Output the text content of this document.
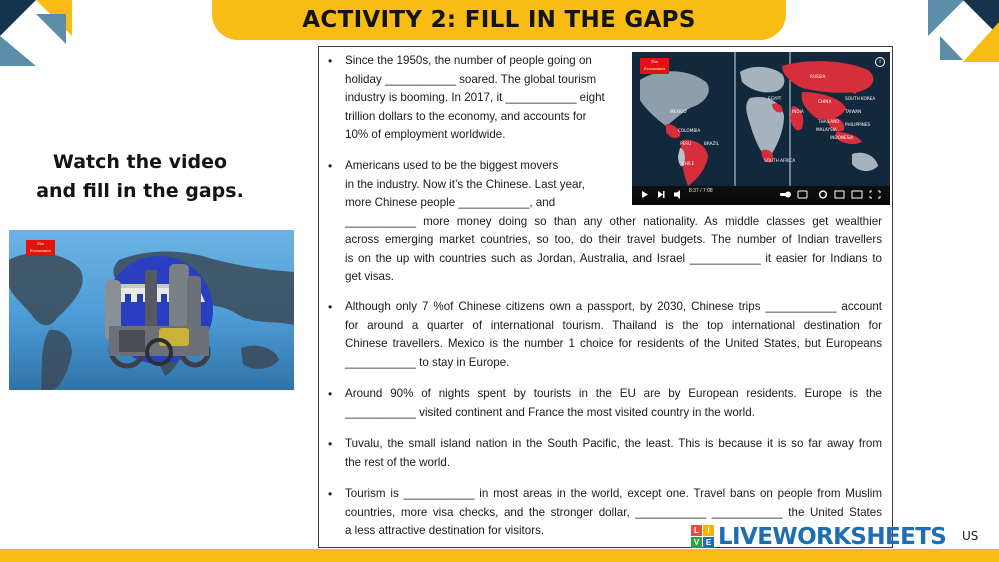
ACTIVITY 2: FILL IN THE GAPS
Watch the video
and fill in the gaps.
The
Economist
• Since the 1950s, the number of people going on
holiday ___________ soared. The global tourism
industry is booming. In 2017, it ___________ eight
trillion dollars to the economy, and accounts for
10% of employment worldwide.
• Americans used to be the biggest movers
in the industry. Now it’s the Chinese. Last year,
more Chinese people ___________, and
___________ more money doing so than any other nationality. As middle classes get wealthier
across emerging market countries, so too, do their travel budgets. The number of Indian travellers
is on the up with countries such as Jordan, Australia, and Israel ___________ it easier for Indians to
get visas.
• Although only 7 %of Chinese citizens own a passport, by 2030, Chinese trips ___________ account
for around a quarter of international tourism. Thailand is the top international destination for
Chinese travellers. Mexico is the number 1 choice for residents of the United States, but Europeans
___________ to stay in Europe.
• Around 90% of nights spent by tourists in the EU are by European residents. Europe is the
___________ visited continent and France the most visited country in the world.
• Tuvalu, the small island nation in the South Pacific, the least. This is because it is so far away from
the rest of the world.
• Tourism is ___________ in most areas in the world, except one. Travel bans on people from Muslim
countries, more visa checks, and the stronger dollar, ___________ ___________ the United States
a less attractive destination for visitors.
The
Economist
i
RUSSIA
CHINA
SOUTH KOREA
TAIWAN
THAILAND
PHILIPPINES
MALAYSIA
INDONESIA
MEXICO
COLOMBIA
PERU	BRAZIL
CHILE
SOUTH AFRICA
EGYPT
INDIA
8:37 / 7:08
L	I
V E LIVEWORKSHEETS US
